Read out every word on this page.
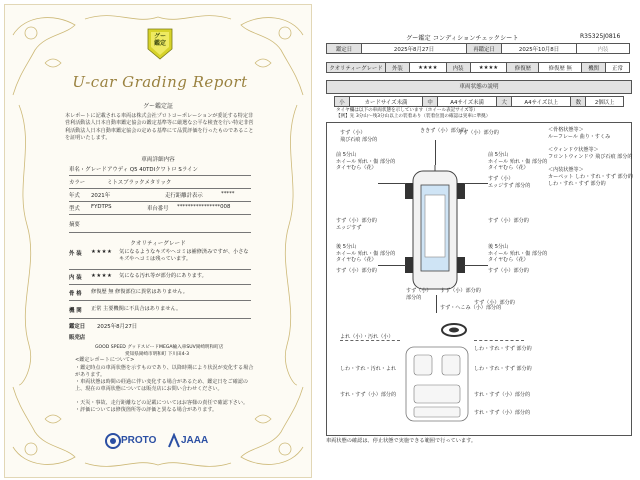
グー
鑑定
U-car Grading Report
グー鑑定証
本レポートに記載される車両は株式会社プロトコーポレーションが委託する特定非営利活動法人日本自動車鑑定協会の鑑定基準等に厳選な公平な検査を行い特定非営利活動法人日本自動車鑑定協会の定める基準にて品質評価を行ったものであることを証明いたします。
車両詳細内容
車名・グレード アウディ Q5 40TDIクワトロ Sライン
カラー	ミトスブラックメタリック
年式 2021年	走行距離計表示	*****
型式 FYDTPS	車台番号 ****************008
摘要
クオリティーグレード
外 装 ★★★★ 気になるようなキズやヘコミは補修済みですが、小さなキズやヘコミは残っています。
内 装 ★★★★ 気になる汚れ等が部分的にあります。
骨 格 修復歴 無 修復部位に異常はありません。
機 関 正常 主要機関に不具合はありません。
鑑定日 2025年8月27日
販売店
GOOD SPEED グッドスピードMEGA輸入車SUV岡崎明和町店
愛知県岡崎市明和町 下川田4-3
<鑑定レポートについて>
・鑑定時点の車両状態を示すものであり、以降時期により状況が変化する場合があります。
・車両状態は時間の経過に伴い変化する場合があるため、鑑定日をご確認の上、現在の車両状態については販売店にお問い合わせください。
・天災・事故、走行距離などの記載についてはお客様の責任で確認下さい。
・評価については修復箇所等の評価と異なる場合があります。
PROTO JAAA
グー鑑定 コンディションチェックシート	R35325J0816
鑑定日	2025年8月27日	再鑑定日	2025年10月8日	内装
クオリティーグレード	外装	★★★★	内装	★★★★	修復歴	修復歴 無	機関	正常
車両状態の説明
小	カードサイズ未満	中	A4サイズ未満	大	A4サイズ以上	数	2個以上
タイヤ欄は以下の車両状態を示しています（ホイール表記サイズ等）
【例】先 3分山～残3分山以上の装着あり（装着位置の確認は実車に準拠）
ききず（小）部分的
すず（小）
飛び石痕 部分的
すず（小）部分的
前 5分山
ホイール 殆れ・傷 部分的
タイヤむら（花）
前 5分山
ホイール 殆れ・傷 部分的
タイヤむら（花）
すず（小）
エッジすず 部分的
すず（小）部分的
エッジすず
すず（小）部分的
後 5分山
ホイール 殆れ・傷 部分的
タイヤむら（花）
後 5分山
ホイール 殆れ・傷 部分的
タイヤむら（花）
すず（小）部分的	すず（小）部分的
すず（小）
部分的
すず（小）部分的
すず（小）部分的
すず・へこみ（小）部分的
よれ（小）・汚れ（小）
しわ・すれ・汚れ・よれ
しわ・すれ・すず 部分的
しわ・すれ・すず 部分的
すれ・すず（小）部分的	すれ・すず（小）部分的
すれ・すず（小）部分的
＜骨格状態等＞
ルーフレール 曲り・すくみ
＜ウィンドウ状態等＞
フロントウィンドウ 飛び石痕 部分的
＜内装状態等＞
カーペット しわ・すれ・すず 部分的
しわ・すれ・すず 部分的
車両状態の確認は、停止状態で実施できる範囲で行っています。
